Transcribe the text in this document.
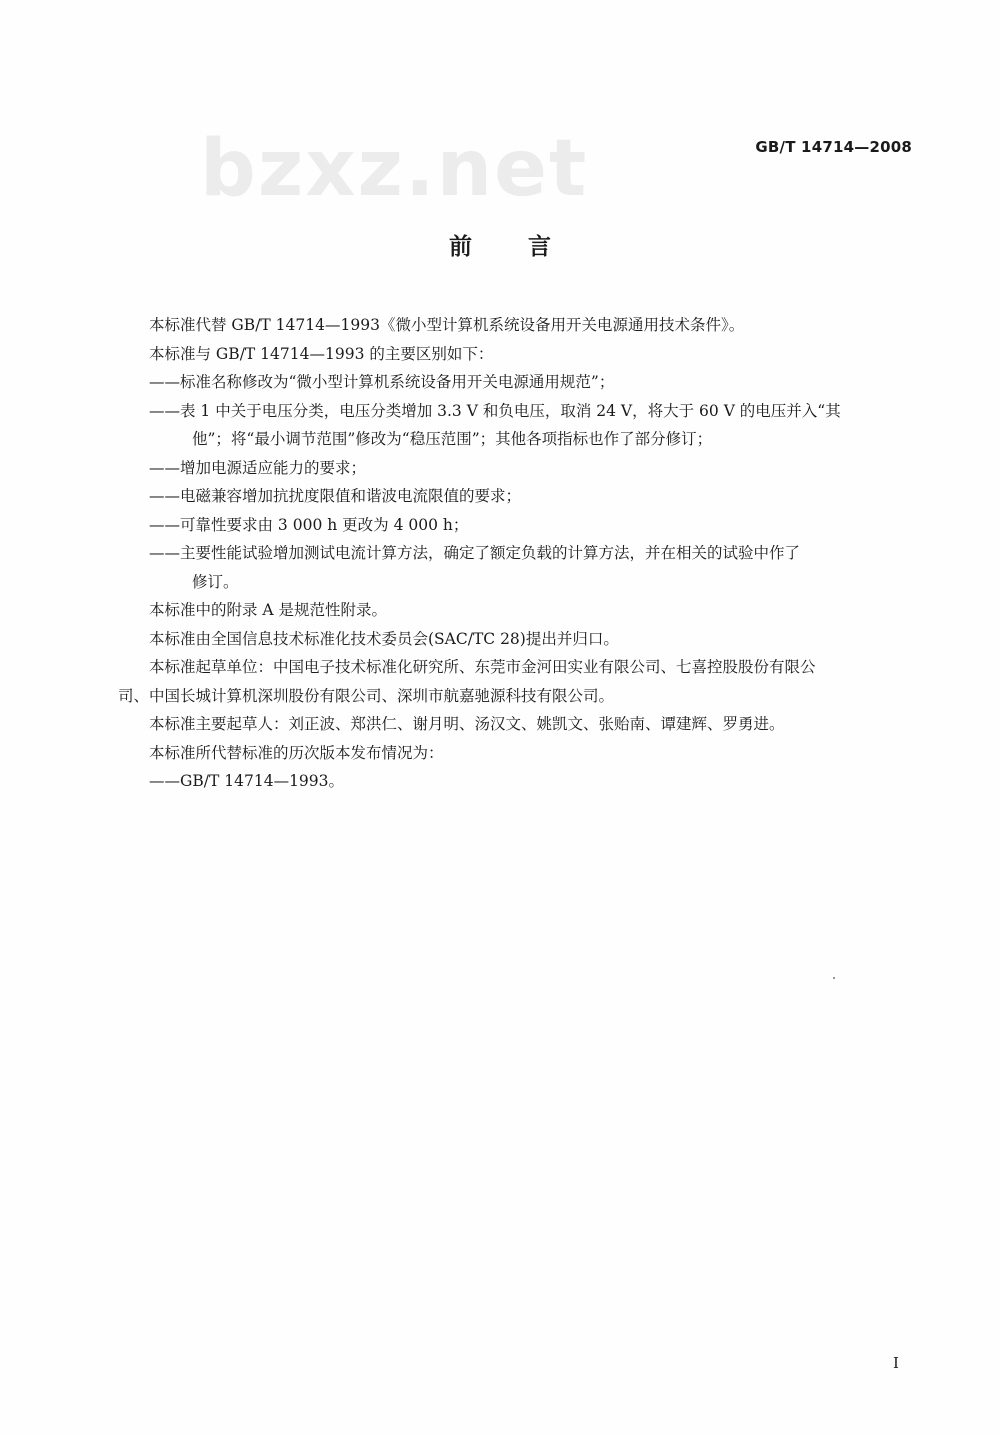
GB/T 14714—2008
bzxz.net
前言

本标准代替 GB/T 14714—1993《微小型计算机系统设备用开关电源通用技术条件》。

本标准与 GB/T 14714—1993 的主要区别如下：

——标准名称修改为“微小型计算机系统设备用开关电源通用规范”；

——表 1 中关于电压分类，电压分类增加 3.3 V 和负电压，取消 24 V，将大于 60 V 的电压并入“其

他”；将“最小调节范围”修改为“稳压范围”；其他各项指标也作了部分修订；

——增加电源适应能力的要求；

——电磁兼容增加抗扰度限值和谐波电流限值的要求；

——可靠性要求由 3 000 h 更改为 4 000 h；

——主要性能试验增加测试电流计算方法，确定了额定负载的计算方法，并在相关的试验中作了

修订。

本标准中的附录 A 是规范性附录。

本标准由全国信息技术标准化技术委员会(SAC/TC 28)提出并归口。

本标准起草单位：中国电子技术标准化研究所、东莞市金河田实业有限公司、七喜控股股份有限公

司、中国长城计算机深圳股份有限公司、深圳市航嘉驰源科技有限公司。

本标准主要起草人：刘正波、郑洪仁、谢月明、汤汉文、姚凯文、张贻南、谭建辉、罗勇进。

本标准所代替标准的历次版本发布情况为：

——GB/T 14714—1993。

I
